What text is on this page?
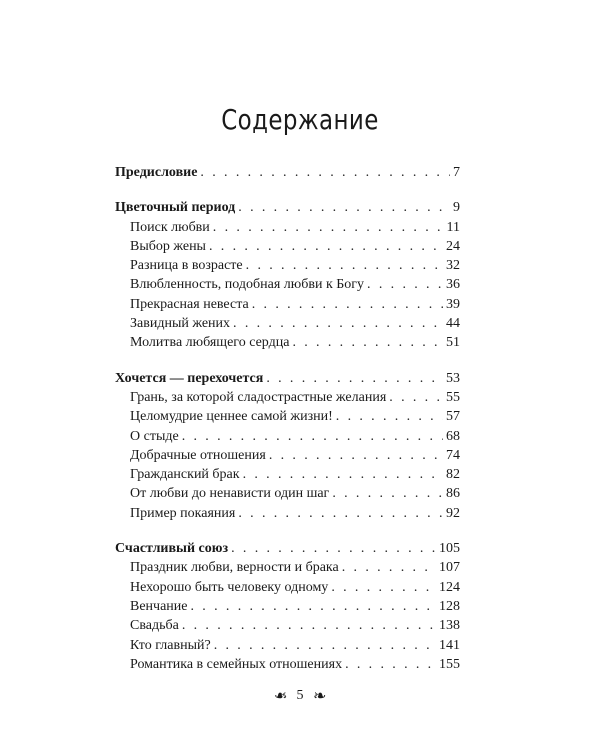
Содержание
Предисловие . . .	7
Цветочный период . . .	9
Поиск любви . . .	11
Выбор жены . . .	24
Разница в возрасте . . .	32
Влюбленность, подобная любви к Богу . . .	36
Прекрасная невеста . . .	39
Завидный жених . . .	44
Молитва любящего сердца . . .	51
Хочется — перехочется . . .	53
Грань, за которой сладострастные желания . . .	55
Целомудрие ценнее самой жизни! . . .	57
О стыде . . .	68
Добрачные отношения . . .	74
Гражданский брак . . .	82
От любви до ненависти один шаг . . .	86
Пример покаяния . . .	92
Счастливый союз . . .	105
Праздник любви, верности и брака . . .	107
Нехорошо быть человеку одному . . .	124
Венчание . . .	128
Свадьба . . .	138
Кто главный? . . .	141
Романтика в семейных отношениях . . .	155
❧ 5 ❧
